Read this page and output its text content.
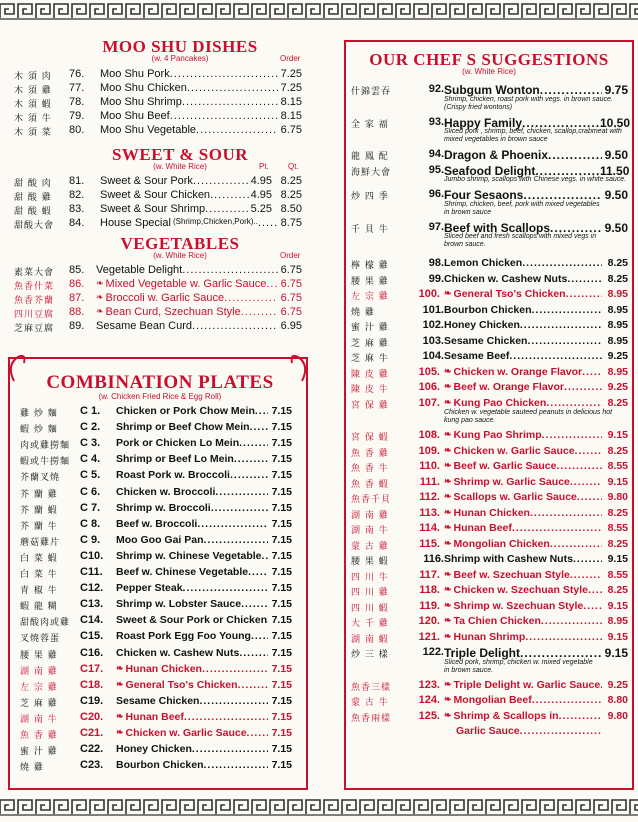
MOO SHU DISHES
(w. 4 Pancakes)	Order
木 須 肉 76.	Moo Shu Pork .....	7.25
木 須 雞 77.	Moo Shu Chicken .....	7.25
木 須 蝦 78.	Moo Shu Shrimp .....	8.15
木 須 牛 79.	Moo Shu Beef .....	8.15
木 須 菜 80.	Moo Shu Vegetable .....	6.75
SWEET & SOUR
(w. White Rice)	Pt. Qt.
甜 酸 肉 81.	Sweet & Sour Pork .....	4.95 8.25
甜 酸 雞 82.	Sweet & Sour Chicken .....	4.95 8.25
甜 酸 蝦 83.	Sweet & Sour Shrimp .....	5.25 8.50
甜酸大會 84.	House Special (Shrimp,Chicken,Pork).. ..... 8.75
VEGETABLES
(w. White Rice)	Order
素菜大會 85.	Vegetable Delight .....	6.75
魚香什菜 86.	❧ Mixed Vegetable w. Garlic Sauce ..... 6.75
魚香芥蘭 87.	❧ Broccoli w. Garlic Sauce .....	6.75
四川豆腐 88.	❧ Bean Curd, Szechuan Style .....	6.75
芝麻豆腐 89.	Sesame Bean Curd .....	6.95
COMBINATION PLATES
(w. Chicken Fried Rice & Egg Roll)
雞 炒 麵 C 1.	Chicken or Pork Chow Mein .....	7.15
蝦 炒 麵 C 2.	Shrimp or Beef Chow Mein .....	7.15
肉或雞撈麵 C 3.	Pork or Chicken Lo Mein .....	7.15
蝦或牛撈麵 C 4.	Shrimp or Beef Lo Mein .....	7.15
芥蘭叉燒 C 5.	Roast Pork w. Broccoli .....	7.15
芥 蘭 雞 C 6.	Chicken w. Broccoli .....	7.15
芥 蘭 蝦 C 7.	Shrimp w. Broccoli .....	7.15
芥 蘭 牛 C 8.	Beef w. Broccoli .....	7.15
蘑菇雞片 C 9.	Moo Goo Gai Pan .....	7.15
白 菜 蝦 C10.	Shrimp w. Chinese Vegetable ..... 7.15
白 菜 牛 C11.	Beef w. Chinese Vegetable .....	7.15
青 椒 牛 C12.	Pepper Steak .....	7.15
蝦 龍 糊 C13.	Shrimp w. Lobster Sauce .....	7.15
甜酸肉或雞 C14.	Sweet & Sour Pork or Chicken ..... 7.15
叉燒蓉蛋 C15.	Roast Pork Egg Foo Young .....	7.15
腰 果 雞 C16.	Chicken w. Cashew Nuts .....	7.15
湖 南 雞 C17.	❧ Hunan Chicken .....	7.15
左 宗 雞 C18.	❧ General Tso's Chicken .....	7.15
芝 麻 雞 C19.	Sesame Chicken .....	7.15
湖 南 牛 C20.	❧ Hunan Beef .....	7.15
魚 香 雞 C21.	❧ Chicken w. Garlic Sauce .....	7.15
蜜 汁 雞 C22.	Honey Chicken .....	7.15
燒 雞	C23.	Bourbon Chicken .....	7.15
OUR CHEF S SUGGESTIONS
(w. White Rice)
什錦雲吞	92. Subgum Wonton .....	9.75
Shrimp, chicken, roast pork with vegs. in brown sauce.
(Crispy fried wontons)
全 家 福	93. Happy Family .....	10.50
Sliced pork , shrimp, beef, chicken, scallop,crabmeat with
mixed vegetables in brown sauce
龍 鳳 配	94. Dragon & Phoenix .....	9.50
海鮮大會	95. Seafood Delight .....	11.50
Jumbo shrimp, scallops with Chinese vegs. in white sauce.
炒 四 季	96. Four Sesaons .....	9.50
Shrimp, chicken, beef, pork with mixed vegetables
in brown sauce
千 貝 牛	97. Beef with Scallops .....	9.50
Sliced beef and fresh scallops with mixed vegs in
brown sauce.
檸 檬 雞	98. Lemon Chicken .....	8.25
腰 果 雞	99. Chicken w. Cashew Nuts .....	8.25
左 宗 雞	100. ❧ General Tso's Chicken .....	8.95
燒 雞	101. Bourbon Chicken .....	8.95
蜜 汁 雞	102. Honey Chicken .....	8.95
芝 麻 雞	103. Sesame Chicken .....	8.95
芝 麻 牛	104. Sesame Beef .....	9.25
陳 皮 雞	105. ❧ Chicken w. Orange Flavor .....	8.95
陳 皮 牛	106. ❧ Beef w. Orange Flavor .....	9.25
宮 保 雞	107. ❧ Kung Pao Chicken .....	8.25
Chicken w. vegetable sauteed peanuts in delicious hot
kung pao sauce.
宮 保 蝦	108. ❧ Kung Pao Shrimp .....	9.15
魚 香 雞	109. ❧ Chicken w. Garlic Sauce .....	8.25
魚 香 牛	110. ❧ Beef w. Garlic Sauce .....	8.55
魚 香 蝦	111. ❧ Shrimp w. Garlic Sauce .....	9.15
魚香千貝	112. ❧ Scallops w. Garlic Sauce .....	9.80
湖 南 雞	113. ❧ Hunan Chicken .....	8.25
湖 南 牛	114. ❧ Hunan Beef .....	8.55
蒙 古 雞	115. ❧ Mongolian Chicken .....	8.25
腰 果 蝦	116. Shrimp with Cashew Nuts .....	9.15
四 川 牛	117. ❧ Beef w. Szechuan Style .....	8.55
四 川 雞	118. ❧ Chicken w. Szechuan Style .....	8.25
四 川 蝦	119. ❧ Shrimp w. Szechuan Style .....	9.15
大 千 雞	120. ❧ Ta Chien Chicken .....	8.95
湖 南 蝦	121. ❧ Hunan Shrimp .....	9.15
炒 三 樣	122. Triple Delight .....	9.15
Sliced pork, shrimp, chicken w. mixed vegetable
in brown sauce.
魚香三樣	123. ❧ Triple Delight w. Garlic Sauce ..... 9.25
蒙 古 牛	124. ❧ Mongolian Beef .....	8.80
魚香兩樣	125. ❧ Shrimp & Scallops in .....	9.80
Garlic Sauce
.....
